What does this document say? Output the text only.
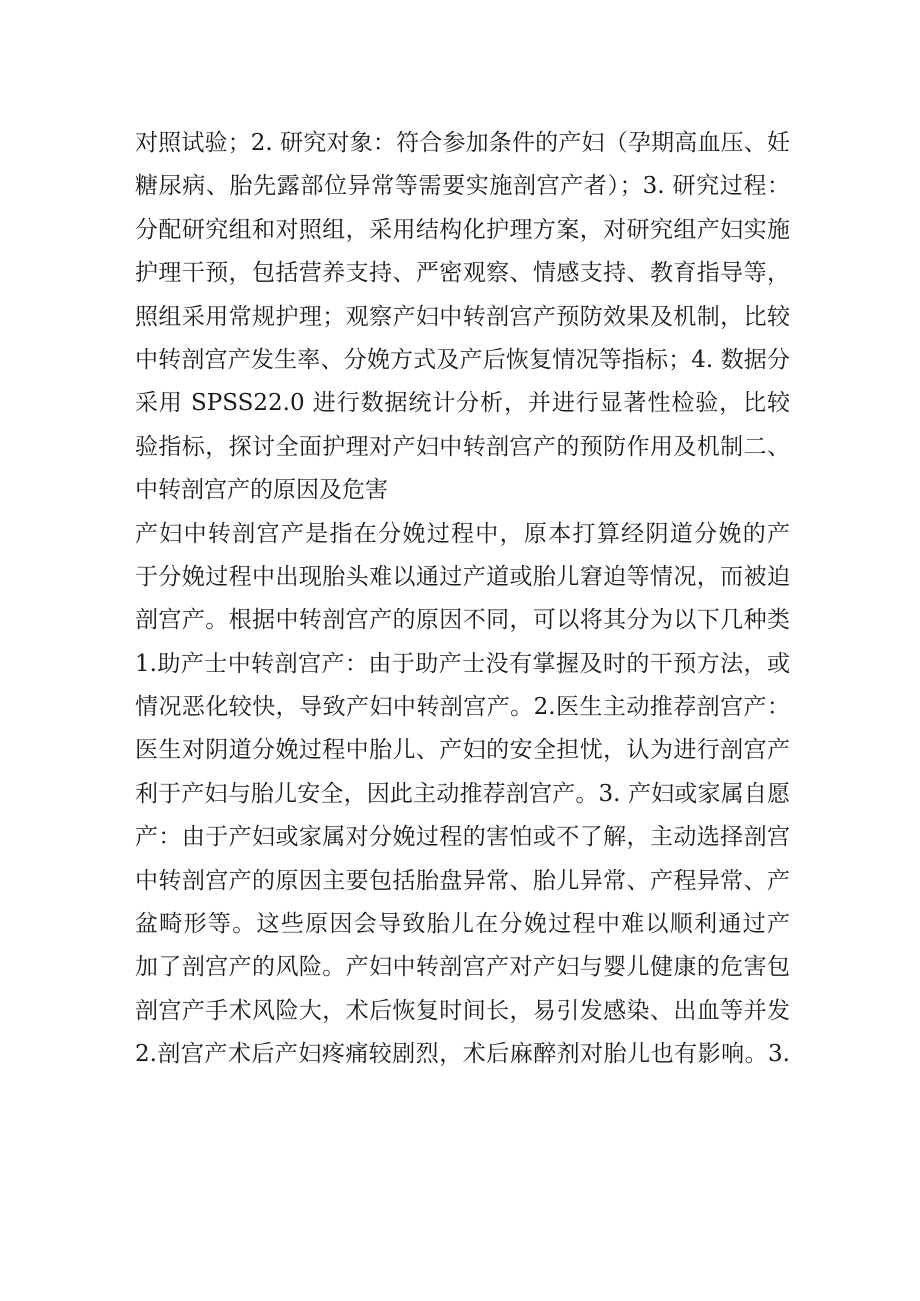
对照试验；2. 研究对象：符合参加条件的产妇（孕期高血压、妊
糖尿病、胎先露部位异常等需要实施剖宫产者）；3. 研究过程：
分配研究组和对照组，采用结构化护理方案，对研究组产妇实施
护理干预，包括营养支持、严密观察、情感支持、教育指导等，
照组采用常规护理；观察产妇中转剖宫产预防效果及机制，比较
中转剖宫产发生率、分娩方式及产后恢复情况等指标；4. 数据分
采用 SPSS22.0 进行数据统计分析，并进行显著性检验，比较
验指标，探讨全面护理对产妇中转剖宫产的预防作用及机制二、
中转剖宫产的原因及危害
产妇中转剖宫产是指在分娩过程中，原本打算经阴道分娩的产
于分娩过程中出现胎头难以通过产道或胎儿窘迫等情况，而被迫
剖宫产。根据中转剖宫产的原因不同，可以将其分为以下几种类
1.助产士中转剖宫产：由于助产士没有掌握及时的干预方法，或
情况恶化较快，导致产妇中转剖宫产。2.医生主动推荐剖宫产：
医生对阴道分娩过程中胎儿、产妇的安全担忧，认为进行剖宫产
利于产妇与胎儿安全，因此主动推荐剖宫产。3. 产妇或家属自愿
产：由于产妇或家属对分娩过程的害怕或不了解，主动选择剖宫
中转剖宫产的原因主要包括胎盘异常、胎儿异常、产程异常、产
盆畸形等。这些原因会导致胎儿在分娩过程中难以顺利通过产
加了剖宫产的风险。产妇中转剖宫产对产妇与婴儿健康的危害包
剖宫产手术风险大，术后恢复时间长，易引发感染、出血等并发
2.剖宫产术后产妇疼痛较剧烈，术后麻醉剂对胎儿也有影响。3.
